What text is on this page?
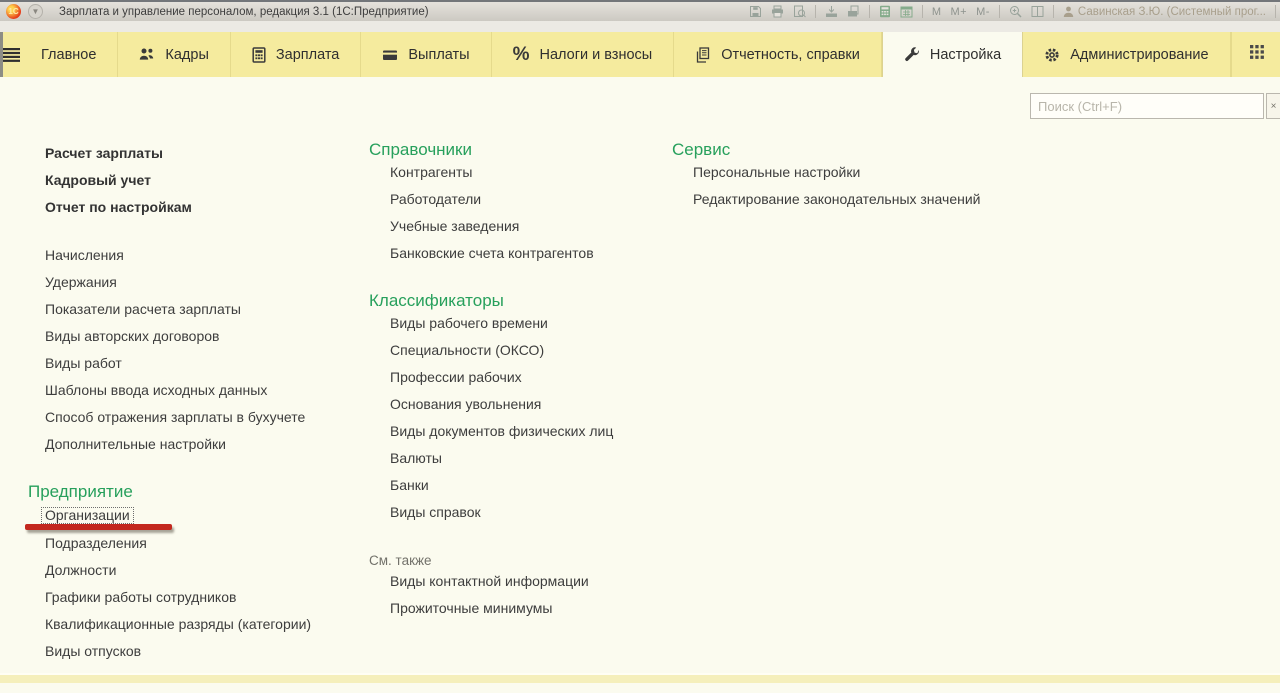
1С	▼	Зарплата и управление персоналом, редакция 3.1 (1С:Предприятие)	М М+ М-	Савинская З.Ю. (Системный прог...
Главное	Кадры	Зарплата	Выплаты % Налоги и взносы	Отчетность, справки	Настройка	Администрирование
Поиск (Ctrl+F)
×
Расчет зарплаты
Кадровый учет
Отчет по настройкам
Начисления
Удержания
Показатели расчета зарплаты
Виды авторских договоров
Виды работ
Шаблоны ввода исходных данных
Способ отражения зарплаты в бухучете
Дополнительные настройки
Предприятие
Организации
Подразделения
Должности
Графики работы сотрудников
Квалификационные разряды (категории)
Виды отпусков
Справочники
Контрагенты
Работодатели
Учебные заведения
Банковские счета контрагентов
Классификаторы
Виды рабочего времени
Специальности (ОКСО)
Профессии рабочих
Основания увольнения
Виды документов физических лиц
Валюты
Банки
Виды справок
См. также
Виды контактной информации
Прожиточные минимумы
Сервис
Персональные настройки
Редактирование законодательных значений
